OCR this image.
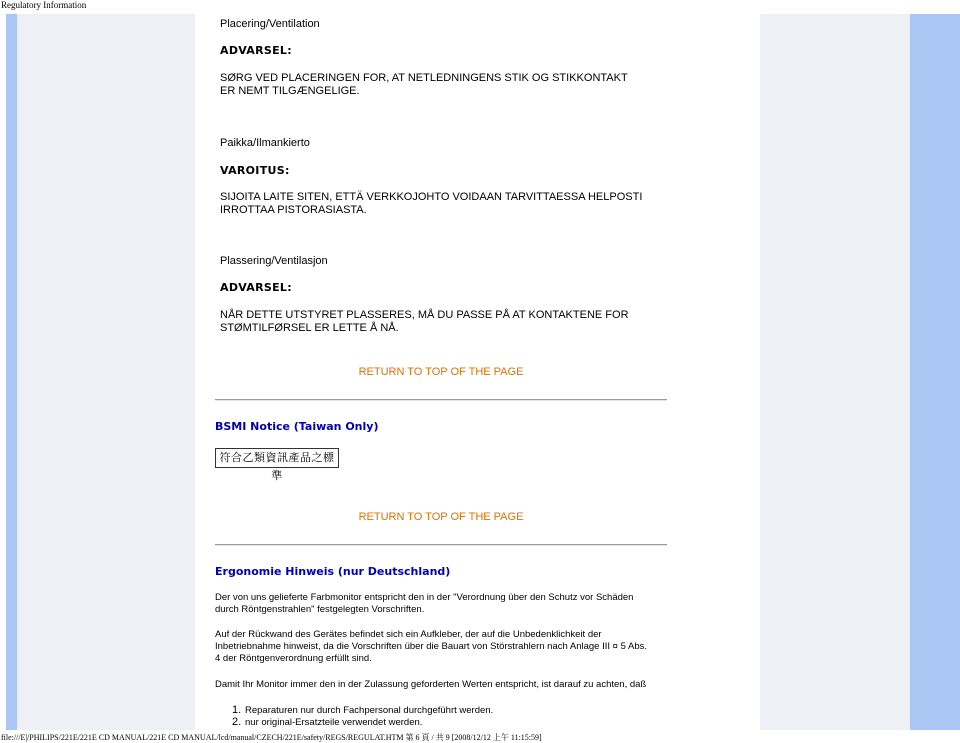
Regulatory Information
Placering/Ventilation
ADVARSEL:
SØRG VED PLACERINGEN FOR, AT NETLEDNINGENS STIK OG STIKKONTAKT
ER NEMT TILGÆNGELIGE.
Paikka/Ilmankierto
VAROITUS:
SIJOITA LAITE SITEN, ETTÄ VERKKOJOHTO VOIDAAN TARVITTAESSA HELPOSTI
IRROTTAA PISTORASIASTA.
Plassering/Ventilasjon
ADVARSEL:
NÅR DETTE UTSTYRET PLASSERES, MÅ DU PASSE PÅ AT KONTAKTENE FOR
STØMTILFØRSEL ER LETTE Å NÅ.
RETURN TO TOP OF THE PAGE
BSMI Notice (Taiwan Only)
符合乙類資訊產品之標準
RETURN TO TOP OF THE PAGE
Ergonomie Hinweis (nur Deutschland)
Der von uns gelieferte Farbmonitor entspricht den in der "Verordnung über den Schutz vor Schäden
durch Röntgenstrahlen" festgelegten Vorschriften.
Auf der Rückwand des Gerätes befindet sich ein Aufkleber, der auf die Unbedenklichkeit der
Inbetriebnahme hinweist, da die Vorschriften über die Bauart von Störstrahlern nach Anlage III ¤ 5 Abs.
4 der Röntgenverordnung erfüllt sind.
Damit Ihr Monitor immer den in der Zulassung geforderten Werten entspricht, ist darauf zu achten, daß
1. Reparaturen nur durch Fachpersonal durchgeführt werden.
2. nur original-Ersatzteile verwendet werden.
file:///E|/PHILIPS/221E/221E CD MANUAL/221E CD MANUAL/lcd/manual/CZECH/221E/safety/REGS/REGULAT.HTM 第 6 頁 / 共 9 [2008/12/12 上午 11:15:59]
